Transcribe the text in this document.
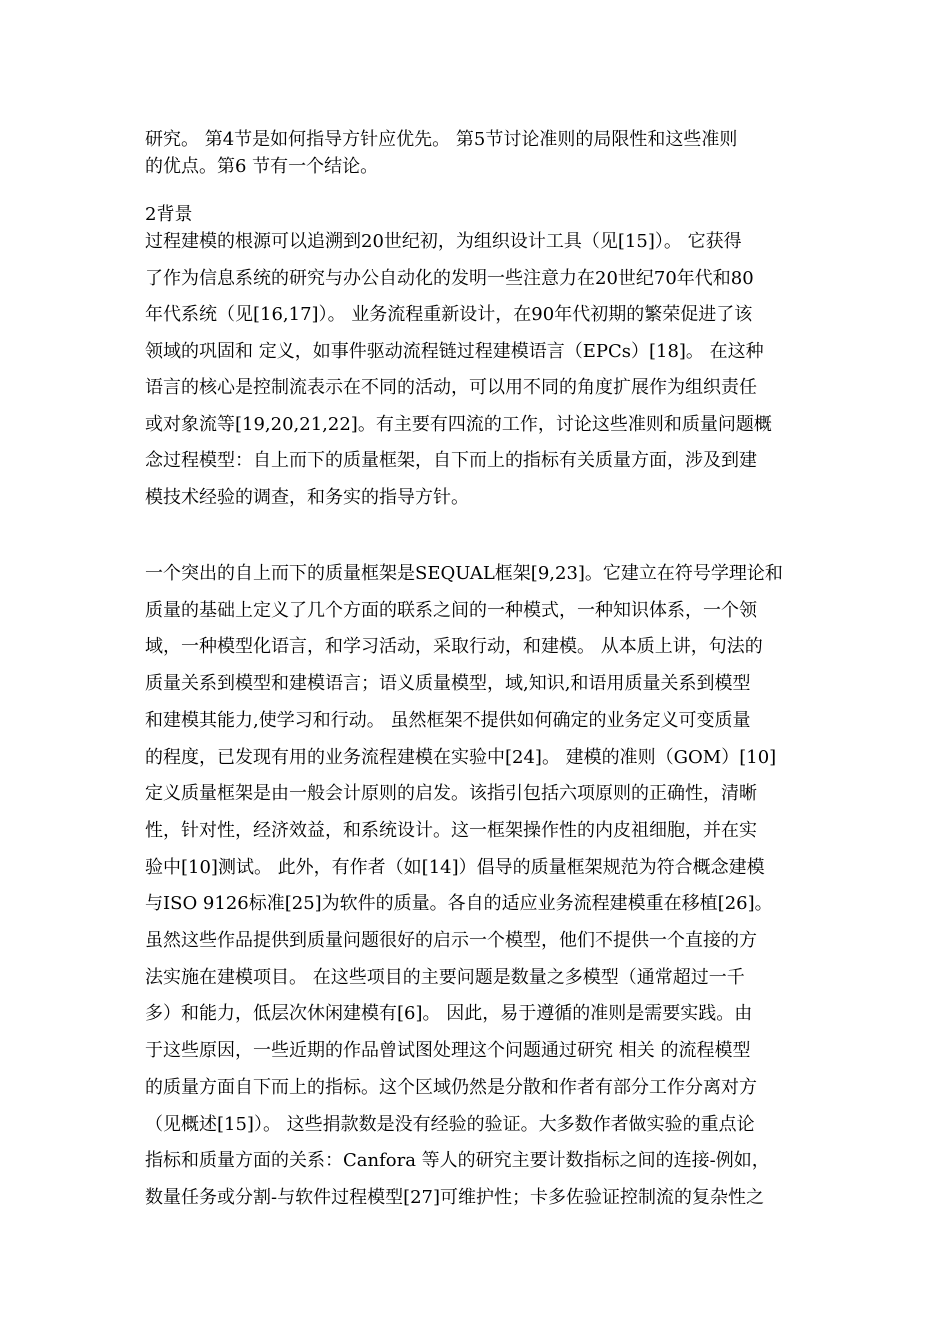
研究。 第4节是如何指导方针应优先。 第5节讨论准则的局限性和这些准则
的优点。第6 节有一个结论。
2背景
过程建模的根源可以追溯到20世纪初，为组织设计工具（见[15]）。 它获得
了作为信息系统的研究与办公自动化的发明一些注意力在20世纪70年代和80
年代系统（见[16,17]）。 业务流程重新设计，在90年代初期的繁荣促进了该
领域的巩固和 定义，如事件驱动流程链过程建模语言（EPCs）[18]。 在这种
语言的核心是控制流表示在不同的活动，可以用不同的角度扩展作为组织责任
或对象流等[19,20,21,22]。有主要有四流的工作，讨论这些准则和质量问题概
念过程模型：自上而下的质量框架，自下而上的指标有关质量方面，涉及到建
模技术经验的调查，和务实的指导方针。
一个突出的自上而下的质量框架是SEQUAL框架[9,23]。它建立在符号学理论和
质量的基础上定义了几个方面的联系之间的一种模式，一种知识体系，一个领
域，一种模型化语言，和学习活动，采取行动，和建模。 从本质上讲，句法的
质量关系到模型和建模语言；语义质量模型，域,知识,和语用质量关系到模型
和建模其能力,使学习和行动。 虽然框架不提供如何确定的业务定义可变质量
的程度，已发现有用的业务流程建模在实验中[24]。 建模的准则（GOM）[10]
定义质量框架是由一般会计原则的启发。该指引包括六项原则的正确性，清晰
性，针对性，经济效益，和系统设计。这一框架操作性的内皮祖细胞，并在实
验中[10]测试。 此外，有作者（如[14]）倡导的质量框架规范为符合概念建模
与ISO 9126标准[25]为软件的质量。各自的适应业务流程建模重在移植[26]。
虽然这些作品提供到质量问题很好的启示一个模型，他们不提供一个直接的方
法实施在建模项目。 在这些项目的主要问题是数量之多模型（通常超过一千
多）和能力，低层次休闲建模有[6]。 因此，易于遵循的准则是需要实践。由
于这些原因，一些近期的作品曾试图处理这个问题通过研究 相关 的流程模型
的质量方面自下而上的指标。这个区域仍然是分散和作者有部分工作分离对方
（见概述[15]）。 这些捐款数是没有经验的验证。大多数作者做实验的重点论
指标和质量方面的关系：Canfora 等人的研究主要计数指标之间的连接-例如，
数量任务或分割-与软件过程模型[27]可维护性；卡多佐验证控制流的复杂性之
